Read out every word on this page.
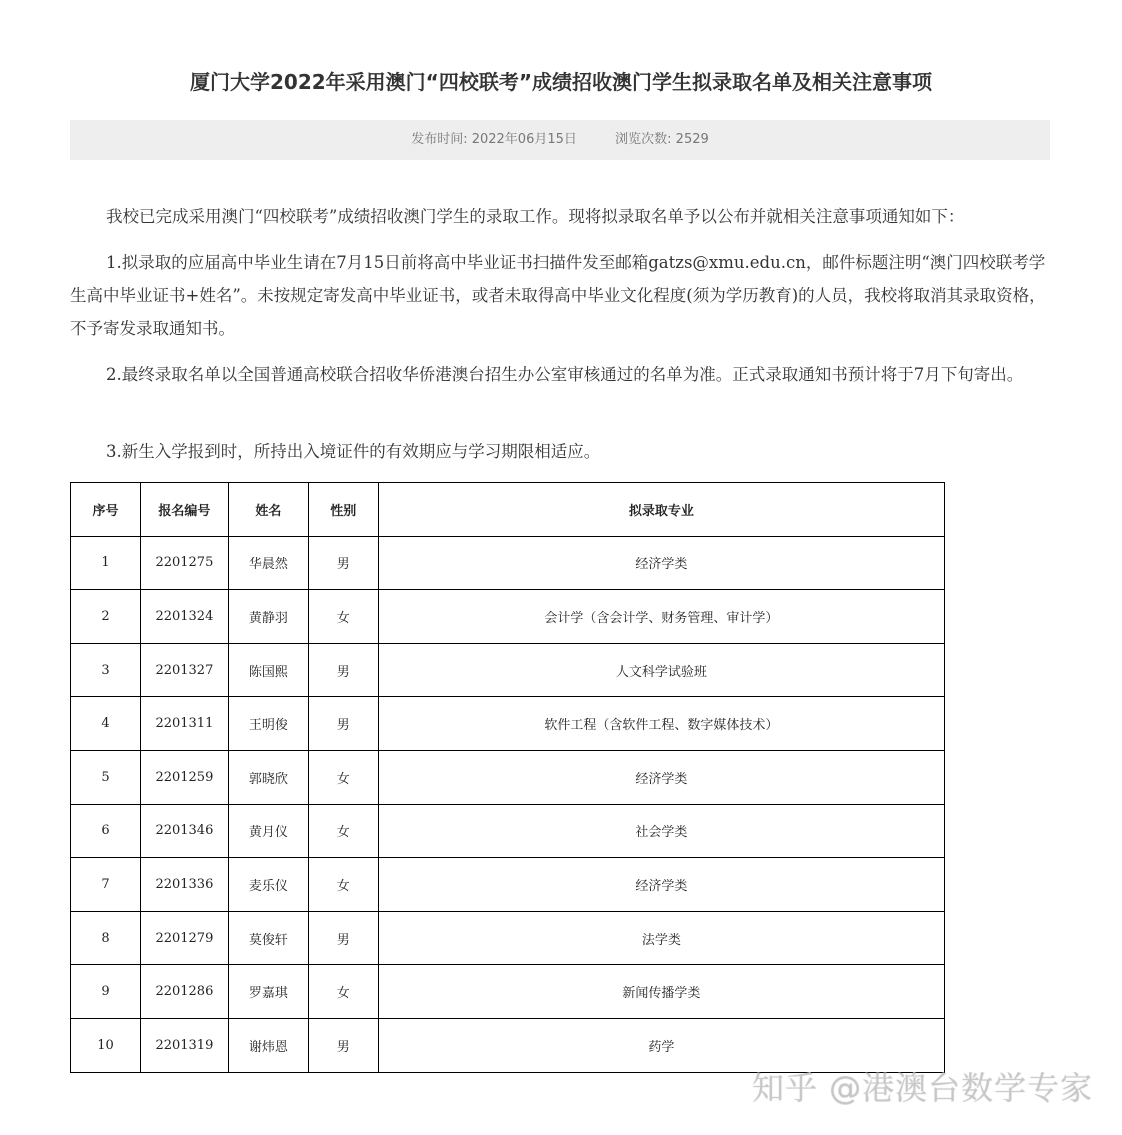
厦门大学2022年采用澳门“四校联考”成绩招收澳门学生拟录取名单及相关注意事项
发布时间: 2022年06月15日	浏览次数: 2529

我校已完成采用澳门“四校联考”成绩招收澳门学生的录取工作。现将拟录取名单予以公布并就相关注意事项通知如下：

1.拟录取的应届高中毕业生请在7月15日前将高中毕业证书扫描件发至邮箱gatzs@xmu.edu.cn，邮件标题注明“澳门四校联考学生高中毕业证书+姓名”。未按规定寄发高中毕业证书，或者未取得高中毕业文化程度(须为学历教育)的人员，我校将取消其录取资格，不予寄发录取通知书。

2.最终录取名单以全国普通高校联合招收华侨港澳台招生办公室审核通过的名单为准。正式录取通知书预计将于7月下旬寄出。

3.新生入学报到时，所持出入境证件的有效期应与学习期限相适应。

序号	报名编号	姓名	性别	拟录取专业
1	2201275	华晨然	男	经济学类
2	2201324	黄静羽	女	会计学（含会计学、财务管理、审计学）
3	2201327	陈国熙	男	人文科学试验班
4	2201311	王明俊	男	软件工程（含软件工程、数字媒体技术）
5	2201259	郭晓欣	女	经济学类
6	2201346	黄月仪	女	社会学类
7	2201336	麦乐仪	女	经济学类
8	2201279	莫俊轩	男	法学类
9	2201286	罗嘉琪	女	新闻传播学类
10	2201319	谢炜恩	男	药学
知乎 @港澳台数学专家
